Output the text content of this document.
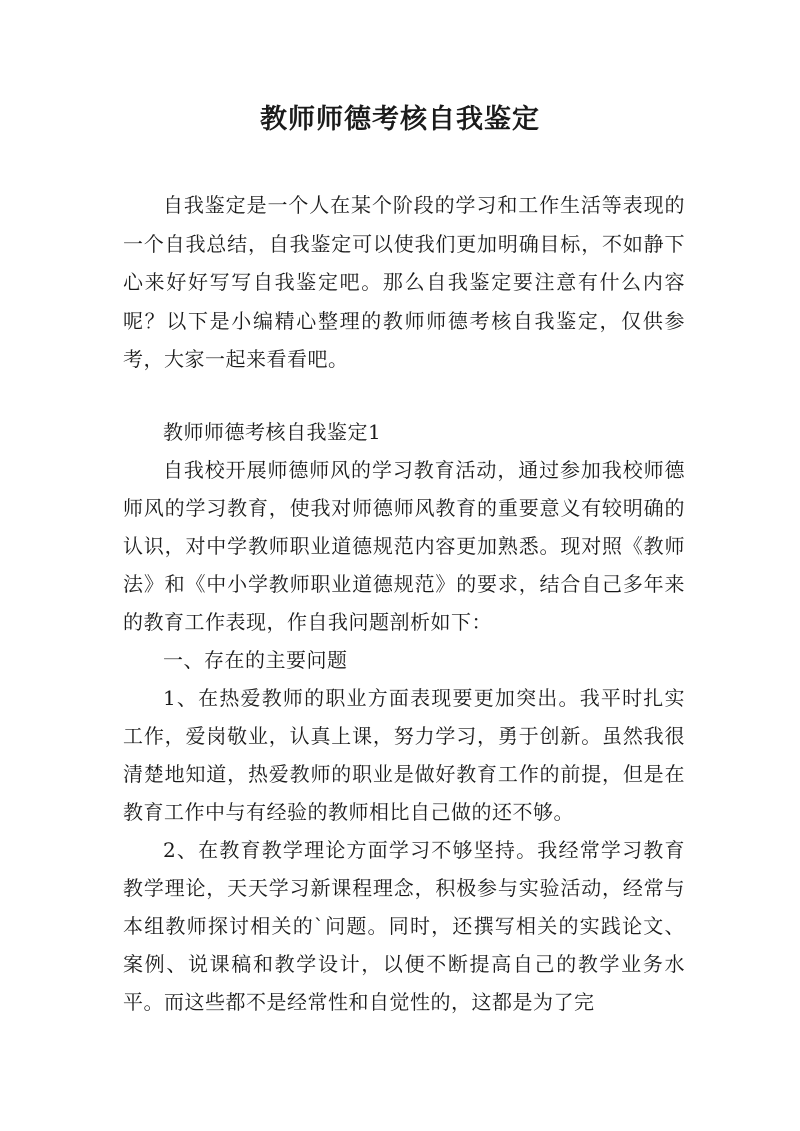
教师师德考核自我鉴定

自我鉴定是一个人在某个阶段的学习和工作生活等表现的一个自我总结，自我鉴定可以使我们更加明确目标，不如静下心来好好写写自我鉴定吧。那么自我鉴定要注意有什么内容呢？以下是小编精心整理的教师师德考核自我鉴定，仅供参考，大家一起来看看吧。

教师师德考核自我鉴定1

自我校开展师德师风的学习教育活动，通过参加我校师德师风的学习教育，使我对师德师风教育的重要意义有较明确的认识，对中学教师职业道德规范内容更加熟悉。现对照《教师法》和《中小学教师职业道德规范》的要求，结合自己多年来的教育工作表现，作自我问题剖析如下：

一、存在的主要问题

1、在热爱教师的职业方面表现要更加突出。我平时扎实工作，爱岗敬业，认真上课，努力学习，勇于创新。虽然我很清楚地知道，热爱教师的职业是做好教育工作的前提，但是在教育工作中与有经验的教师相比自己做的还不够。

2、在教育教学理论方面学习不够坚持。我经常学习教育教学理论，天天学习新课程理念，积极参与实验活动，经常与本组教师探讨相关的`问题。同时，还撰写相关的实践论文、案例、说课稿和教学设计，以便不断提高自己的教学业务水平。而这些都不是经常性和自觉性的，这都是为了完
